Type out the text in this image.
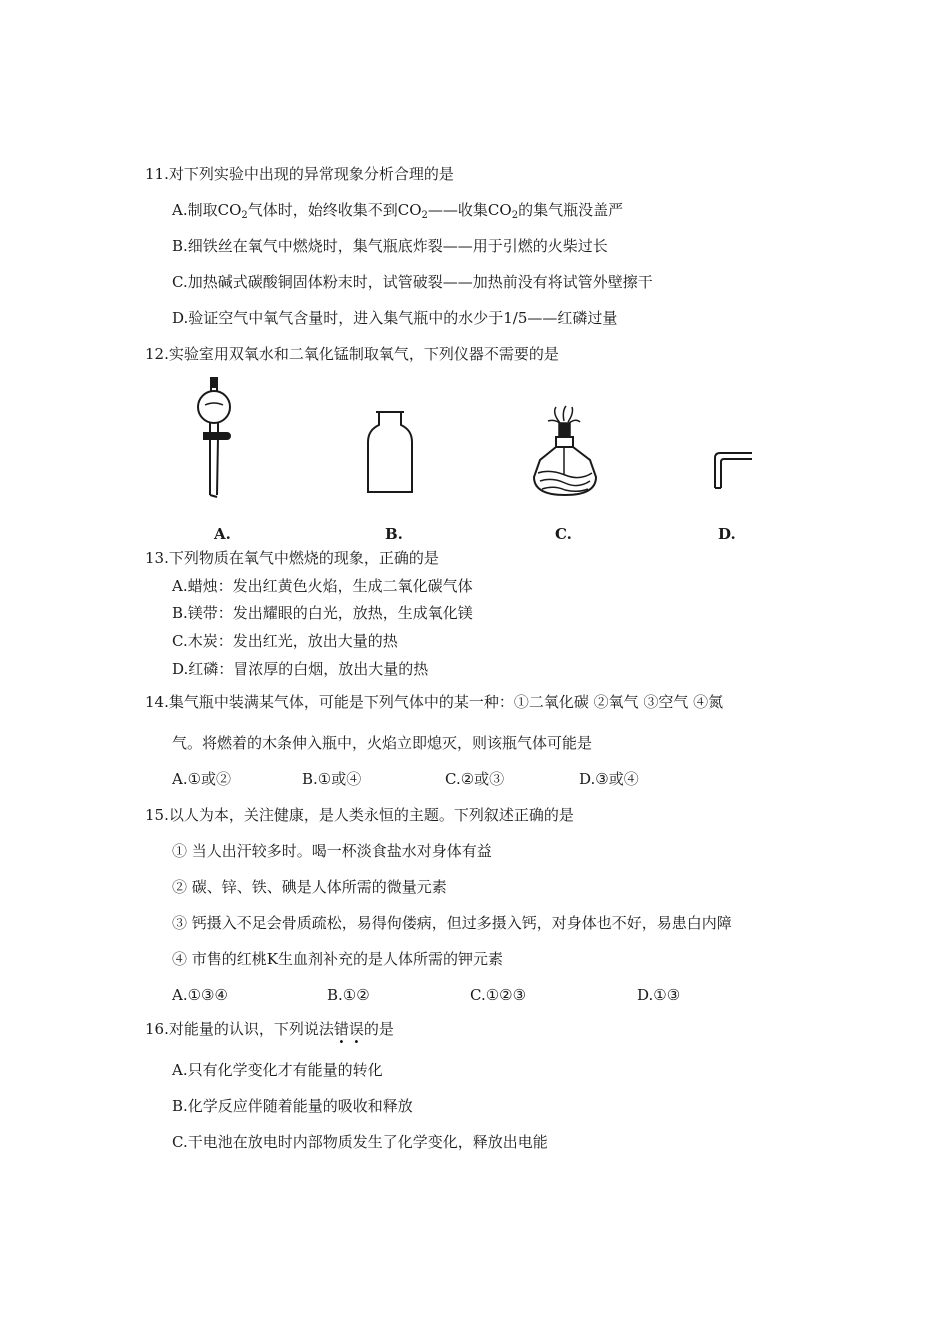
11.对下列实验中出现的异常现象分析合理的是
A.制取$CO_2$气体时，始终收集不到$CO_2——$收集$CO_2$的集气瓶没盖严
B.细铁丝在氧气中燃烧时，集气瓶底炸裂——用于引燃的火柴过长
C.加热碱式碳酸铜固体粉末时，试管破裂——加热前没有将试管外壁擦干
D.验证空气中氧气含量时，进入集气瓶中的水少于1/5——红磷过量
12.实验室用双氧水和二氧化锰制取氧气，下列仪器不需要的是
A.	B.	C.	D.
13.下列物质在氧气中燃烧的现象，正确的是
A.蜡烛：发出红黄色火焰，生成二氧化碳气体
B.镁带：发出耀眼的白光，放热，生成氧化镁
C.木炭：发出红光，放出大量的热
D.红磷：冒浓厚的白烟，放出大量的热
14.集气瓶中装满某气体，可能是下列气体中的某一种：①二氧化碳 ②氧气 ③空气 ④氮
气。将燃着的木条伸入瓶中，火焰立即熄灭，则该瓶气体可能是
A.①或②	B.①或④	C.②或③	D.③或④
15.以人为本，关注健康，是人类永恒的主题。下列叙述正确的是
① 当人出汗较多时。喝一杯淡食盐水对身体有益
② 碳、锌、铁、碘是人体所需的微量元素
③ 钙摄入不足会骨质疏松，易得佝偻病，但过多摄入钙，对身体也不好，易患白内障
④ 市售的红桃K生血剂补充的是人体所需的钾元素
A.①③④	B.①②	C.①②③	D.①③
16.对能量的认识，下列说法错误的是
A.只有化学变化才有能量的转化
B.化学反应伴随着能量的吸收和释放
C.干电池在放电时内部物质发生了化学变化，释放出电能
